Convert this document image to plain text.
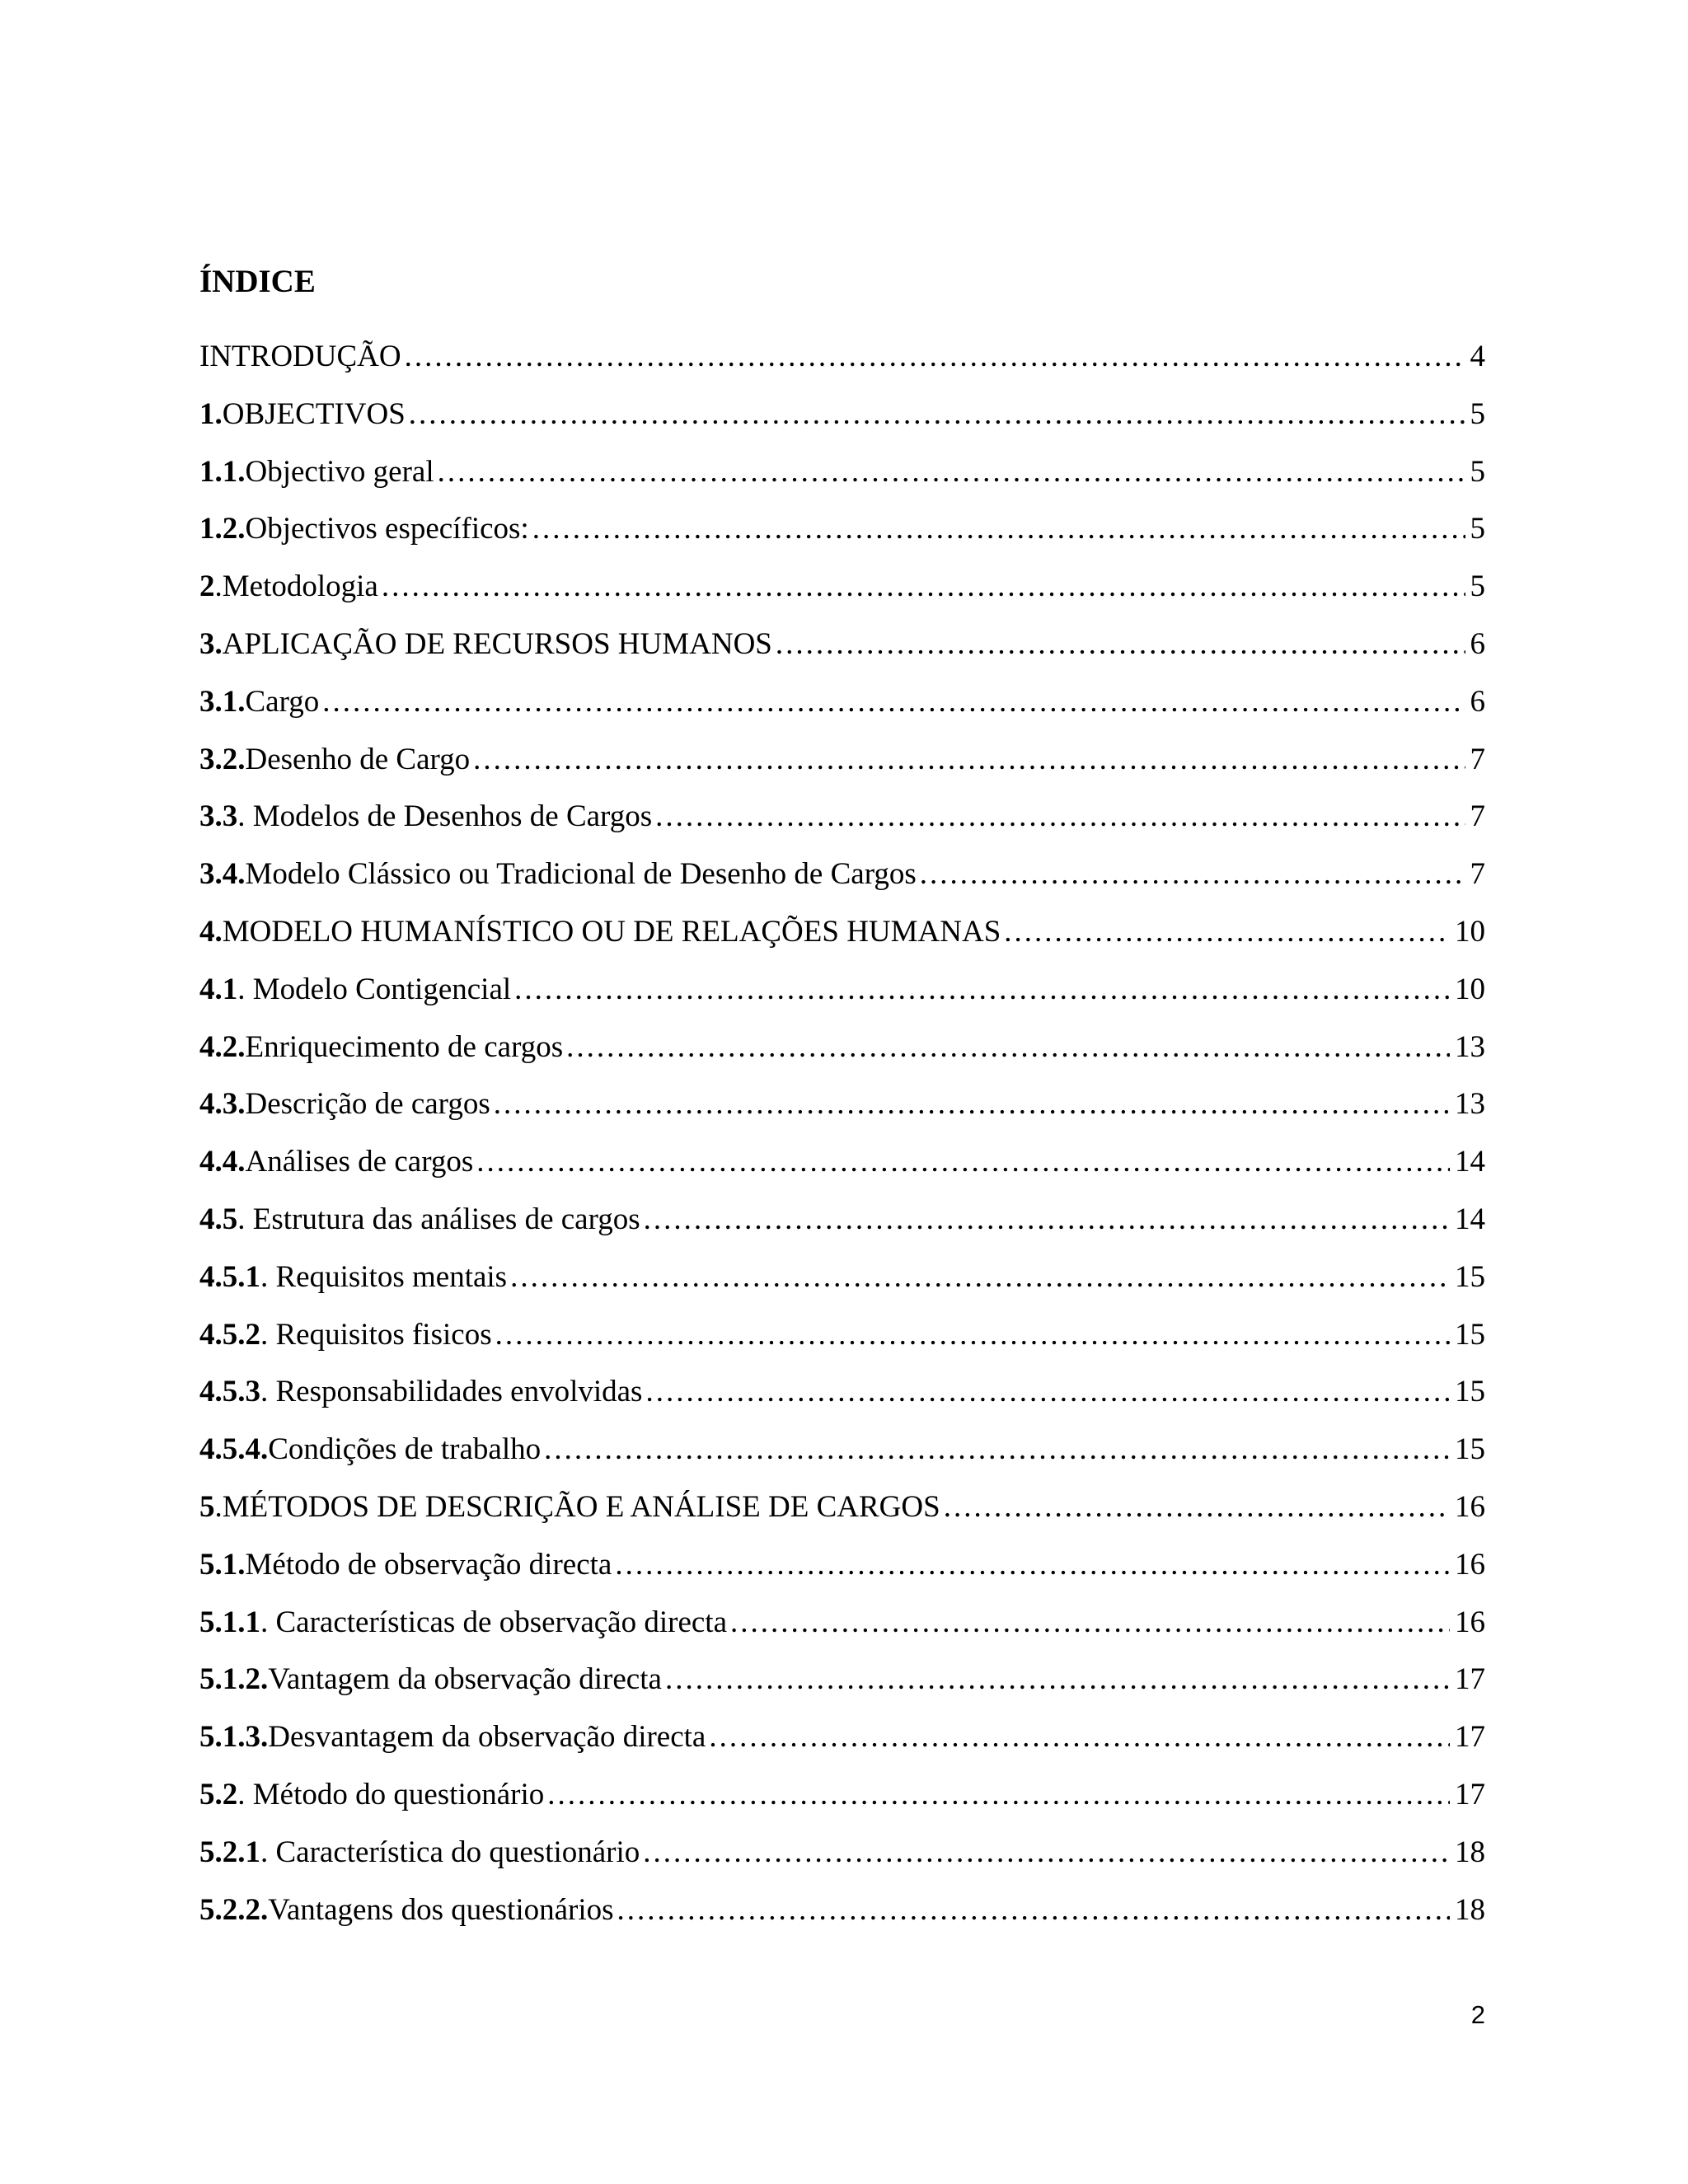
ÍNDICE
INTRODUÇÃO .....	4
1. OBJECTIVOS .....	5
1.1. Objectivo geral .....	5
1.2. Objectivos específicos: .....	5
2 .Metodologia .....	5
3. APLICAÇÃO DE RECURSOS HUMANOS .....	6
3.1. Cargo .....	6
3.2. Desenho de Cargo .....	7
3.3 . Modelos de Desenhos de Cargos .....	7
3.4. Modelo Clássico ou Tradicional de Desenho de Cargos .....	7
4. MODELO HUMANÍSTICO OU DE RELAÇÕES HUMANAS .....	10
4.1 . Modelo Contigencial .....	10
4.2. Enriquecimento de cargos .....	13
4.3. Descrição de cargos .....	13
4.4. Análises de cargos .....	14
4.5 . Estrutura das análises de cargos .....	14
4.5.1 . Requisitos mentais .....	15
4.5.2 . Requisitos fisicos .....	15
4.5.3 . Responsabilidades envolvidas .....	15
4.5.4. Condições de trabalho .....	15
5 .MÉTODOS DE DESCRIÇÃO E ANÁLISE DE CARGOS .....	16
5.1. Método de observação directa .....	16
5.1.1 . Características de observação directa .....	16
5.1.2. Vantagem da observação directa .....	17
5.1.3. Desvantagem da observação directa .....	17
5.2 . Método do questionário .....	17
5.2.1 . Característica do questionário .....	18
5.2.2. Vantagens dos questionários .....	18
2
